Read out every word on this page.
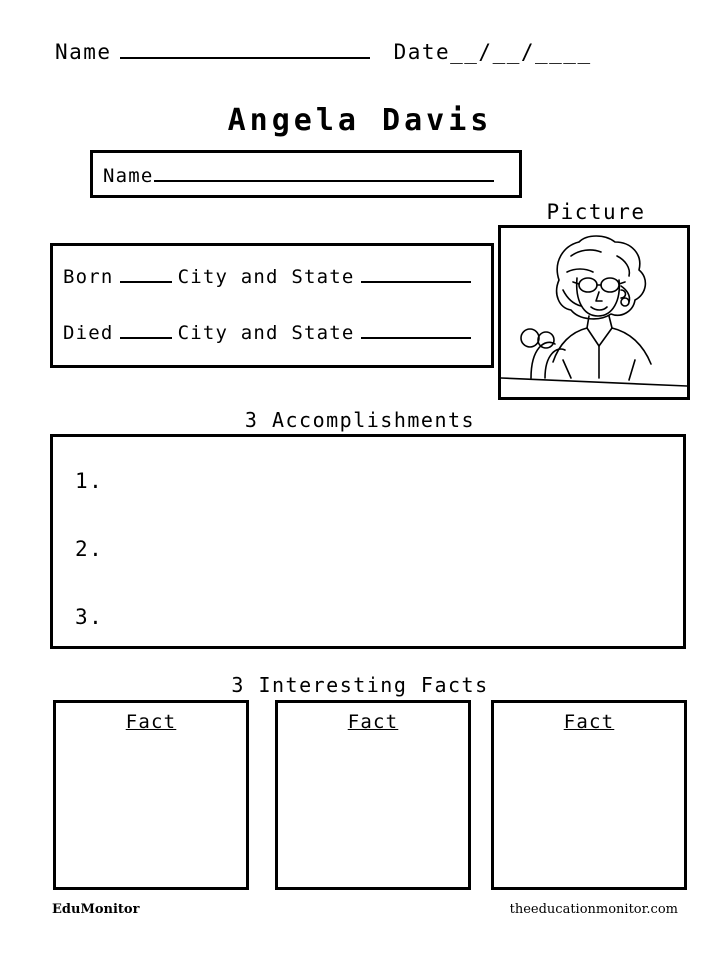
Name	Date__/__/____
Angela Davis
Name
Picture
Born	City and State
Died	City and State
3 Accomplishments
1.
2.
3.
3 Interesting Facts
Fact	Fact	Fact
EduMonitor	theeducationmonitor.com
